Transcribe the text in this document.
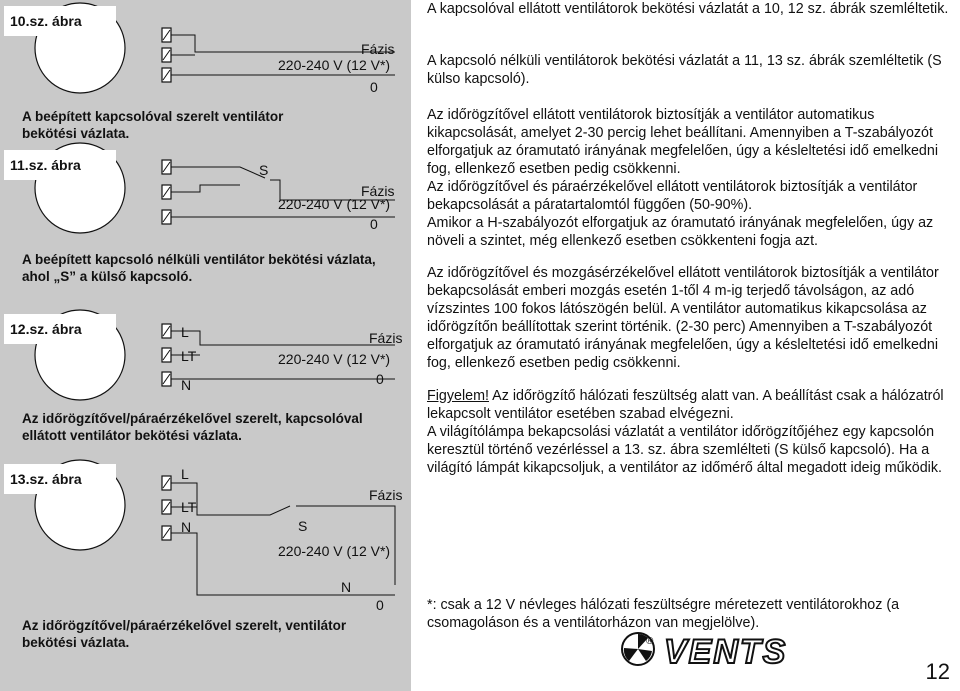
10.sz. ábra
Fázis
220-240 V (12 V*)
0
A beépített kapcsolóval szerelt ventilátor bekötési vázlata.
11.sz. ábra	S
Fázis
220-240 V (12 V*)
0
A beépített kapcsoló nélküli ventilátor bekötési vázlata, ahol „S” a külső kapcsoló.
12.sz. ábra	L
LT
N
Fázis
220-240 V (12 V*)
0
Az időrögzítővel/páraérzékelővel szerelt, kapcsolóval ellátott ventilátor bekötési vázlata.
13.sz. ábra	L
LT
N	S
Fázis
220-240 V (12 V*)
N
0
Az időrögzítővel/páraérzékelővel szerelt, ventilátor bekötési vázlata.

A kapcsolóval ellátott ventilátorok bekötési vázlatát a 10, 12 sz. ábrák szemléltetik.

A kapcsoló nélküli ventilátorok bekötési vázlatát a 11, 13 sz. ábrák szemléltetik (S külso kapcsoló).

Az időrögzítővel ellátott ventilátorok biztosítják a ventilátor automatikus kikapcsolását, amelyet 2-30 percig lehet beállítani. Amennyiben a T-szabályozót elforgatjuk az óramutató irányának megfelelően, úgy a késleltetési idő emelkedni fog, ellenkező esetben pedig csökkenni.

Az időrögzítővel és páraérzékelővel ellátott ventilátorok biztosítják a ventilátor bekapcsolását a páratartalomtól függően (50-90%).

Amikor a H-szabályozót elforgatjuk az óramutató irányának megfelelően, úgy az növeli a szintet, még ellenkező esetben csökkenteni fogja azt.

Az időrögzítővel és mozgásérzékelővel ellátott ventilátorok biztosítják a ventilátor bekapcsolását emberi mozgás esetén 1-től 4 m-ig terjedő távolságon, az adó vízszintes 100 fokos látószögén belül. A ventilátor automatikus kikapcsolása az időrögzítőn beállítottak szerint történik. (2-30 perc) Amennyiben a T-szabályozót elforgatjuk az óramutató irányának megfelelően, úgy a késleltetési idő emelkedni fog, ellenkező esetben pedig csökkenni.

Figyelem! Az időrögzítő hálózati feszültség alatt van. A beállítást csak a hálózatról lekapcsolt ventilátor esetében szabad elvégezni.

A világítólámpa bekapcsolási vázlatát a ventilátor időrögzítőjéhez egy kapcsolón keresztül történő vezérléssel a 13. sz. ábra szemlélteti (S külső kapcsoló). Ha a világító lámpát kikapcsoljuk, a ventilátor az időmérő által megadott ideig működik.

*: csak a 12 V névleges hálózati feszültségre méretezett ventilátorokhoz (a csomagoláson és a ventilátorházon van megjelölve).

VENTS
®
12
